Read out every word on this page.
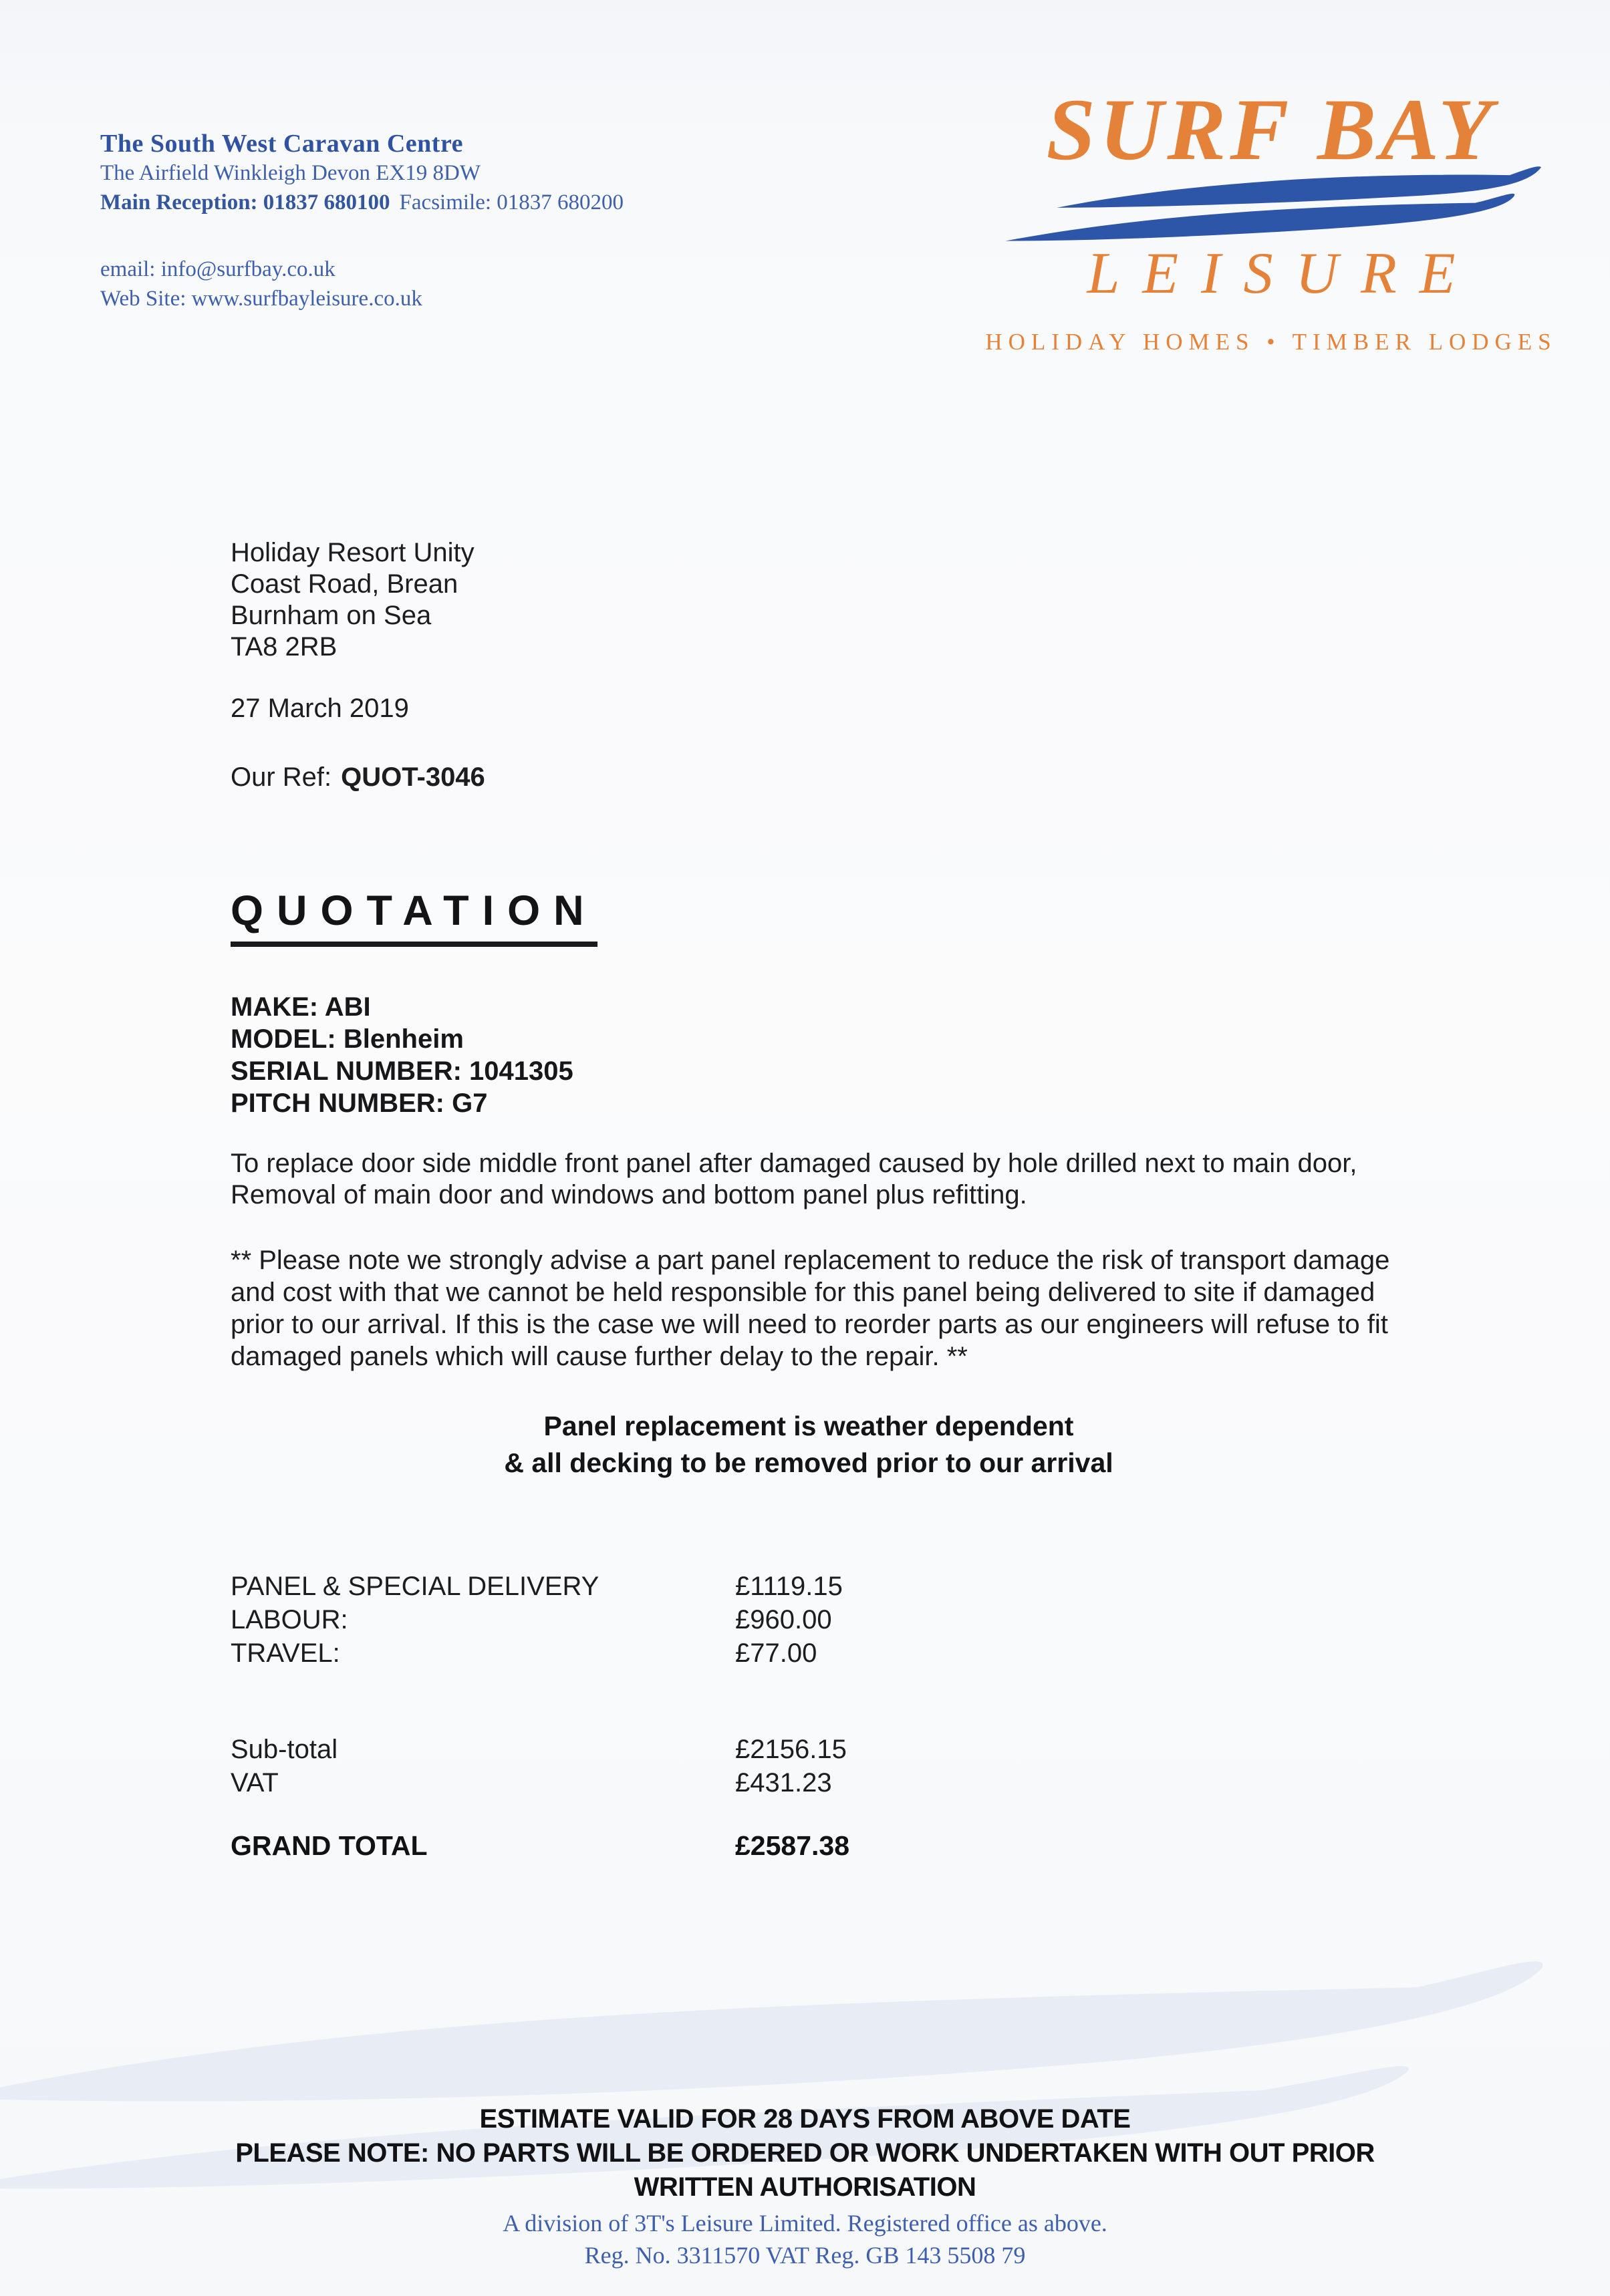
The South West Caravan Centre
The Airfield Winkleigh Devon EX19 8DW
Main Reception: 01837 680100 Facsimile: 01837 680200
email: info@surfbay.co.uk
Web Site: www.surfbayleisure.co.uk
SURF BAY
LEISURE
HOLIDAY HOMES • TIMBER LODGES
Holiday Resort Unity
Coast Road, Brean
Burnham on Sea
TA8 2RB
27 March 2019
Our Ref: QUOT-3046
QUOTATION
MAKE: ABI
MODEL: Blenheim
SERIAL NUMBER: 1041305
PITCH NUMBER: G7
To replace door side middle front panel after damaged caused by hole drilled next to main door, Removal of main door and windows and bottom panel plus refitting.
** Please note we strongly advise a part panel replacement to reduce the risk of transport damage and cost with that we cannot be held responsible for this panel being delivered to site if damaged prior to our arrival. If this is the case we will need to reorder parts as our engineers will refuse to fit damaged panels which will cause further delay to the repair. **
Panel replacement is weather dependent
& all decking to be removed prior to our arrival
PANEL & SPECIAL DELIVERY	£1119.15
LABOUR:	£960.00
TRAVEL:	£77.00
Sub-total	£2156.15
VAT	£431.23
GRAND TOTAL	£2587.38
ESTIMATE VALID FOR 28 DAYS FROM ABOVE DATE
PLEASE NOTE: NO PARTS WILL BE ORDERED OR WORK UNDERTAKEN WITH OUT PRIOR
WRITTEN AUTHORISATION
A division of 3T's Leisure Limited. Registered office as above.
Reg. No. 3311570 VAT Reg. GB 143 5508 79
